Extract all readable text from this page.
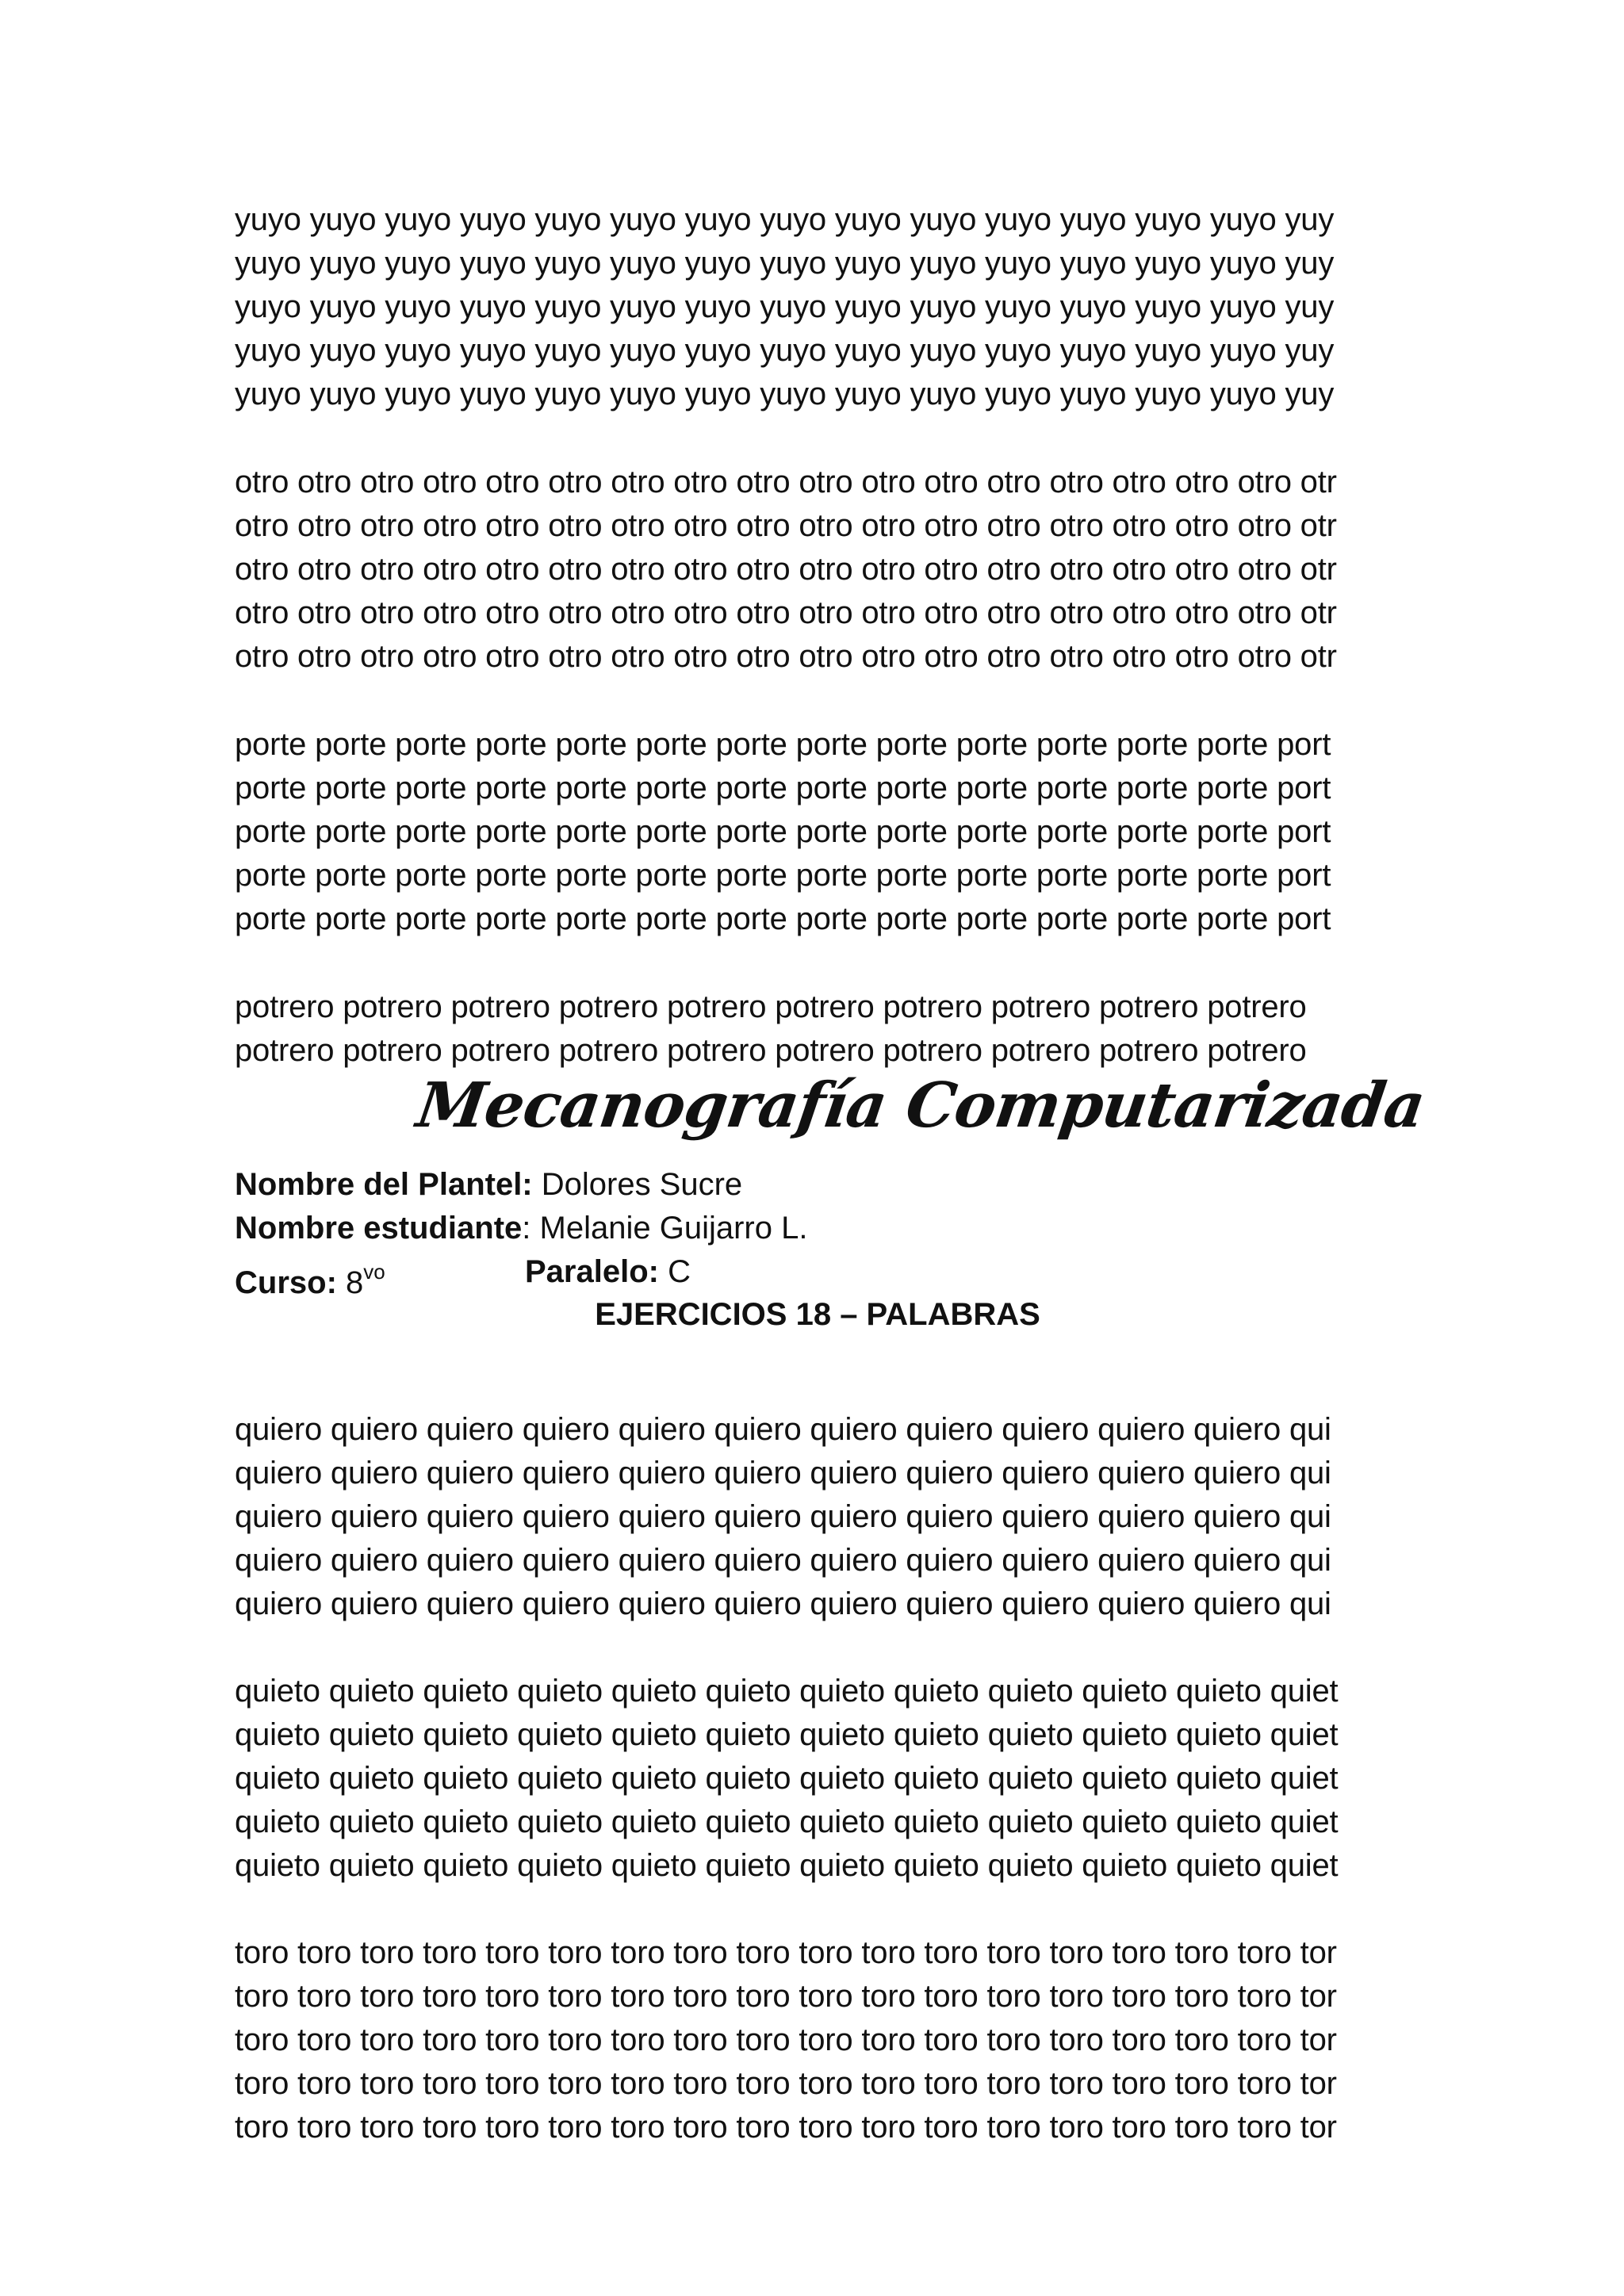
yuyo yuyo yuyo yuyo yuyo yuyo yuyo yuyo yuyo yuyo yuyo yuyo yuyo yuyo yuy
yuyo yuyo yuyo yuyo yuyo yuyo yuyo yuyo yuyo yuyo yuyo yuyo yuyo yuyo yuy
yuyo yuyo yuyo yuyo yuyo yuyo yuyo yuyo yuyo yuyo yuyo yuyo yuyo yuyo yuy
yuyo yuyo yuyo yuyo yuyo yuyo yuyo yuyo yuyo yuyo yuyo yuyo yuyo yuyo yuy
yuyo yuyo yuyo yuyo yuyo yuyo yuyo yuyo yuyo yuyo yuyo yuyo yuyo yuyo yuy
otro otro otro otro otro otro otro otro otro otro otro otro otro otro otro otro otro otr
otro otro otro otro otro otro otro otro otro otro otro otro otro otro otro otro otro otr
otro otro otro otro otro otro otro otro otro otro otro otro otro otro otro otro otro otr
otro otro otro otro otro otro otro otro otro otro otro otro otro otro otro otro otro otr
otro otro otro otro otro otro otro otro otro otro otro otro otro otro otro otro otro otr
porte porte porte porte porte porte porte porte porte porte porte porte porte port
porte porte porte porte porte porte porte porte porte porte porte porte porte port
porte porte porte porte porte porte porte porte porte porte porte porte porte port
porte porte porte porte porte porte porte porte porte porte porte porte porte port
porte porte porte porte porte porte porte porte porte porte porte porte porte port
potrero potrero potrero potrero potrero potrero potrero potrero potrero potrero
potrero potrero potrero potrero potrero potrero potrero potrero potrero potrero
Mecanografía Computarizada
Nombre del Plantel: Dolores Sucre
Nombre estudiante: Melanie Guijarro L.
Curso: $8^{vo}$	Paralelo: C
EJERCICIOS 18 – PALABRAS
quiero quiero quiero quiero quiero quiero quiero quiero quiero quiero quiero qui
quiero quiero quiero quiero quiero quiero quiero quiero quiero quiero quiero qui
quiero quiero quiero quiero quiero quiero quiero quiero quiero quiero quiero qui
quiero quiero quiero quiero quiero quiero quiero quiero quiero quiero quiero qui
quiero quiero quiero quiero quiero quiero quiero quiero quiero quiero quiero qui
quieto quieto quieto quieto quieto quieto quieto quieto quieto quieto quieto quiet
quieto quieto quieto quieto quieto quieto quieto quieto quieto quieto quieto quiet
quieto quieto quieto quieto quieto quieto quieto quieto quieto quieto quieto quiet
quieto quieto quieto quieto quieto quieto quieto quieto quieto quieto quieto quiet
quieto quieto quieto quieto quieto quieto quieto quieto quieto quieto quieto quiet
toro toro toro toro toro toro toro toro toro toro toro toro toro toro toro toro toro tor
toro toro toro toro toro toro toro toro toro toro toro toro toro toro toro toro toro tor
toro toro toro toro toro toro toro toro toro toro toro toro toro toro toro toro toro tor
toro toro toro toro toro toro toro toro toro toro toro toro toro toro toro toro toro tor
toro toro toro toro toro toro toro toro toro toro toro toro toro toro toro toro toro tor
